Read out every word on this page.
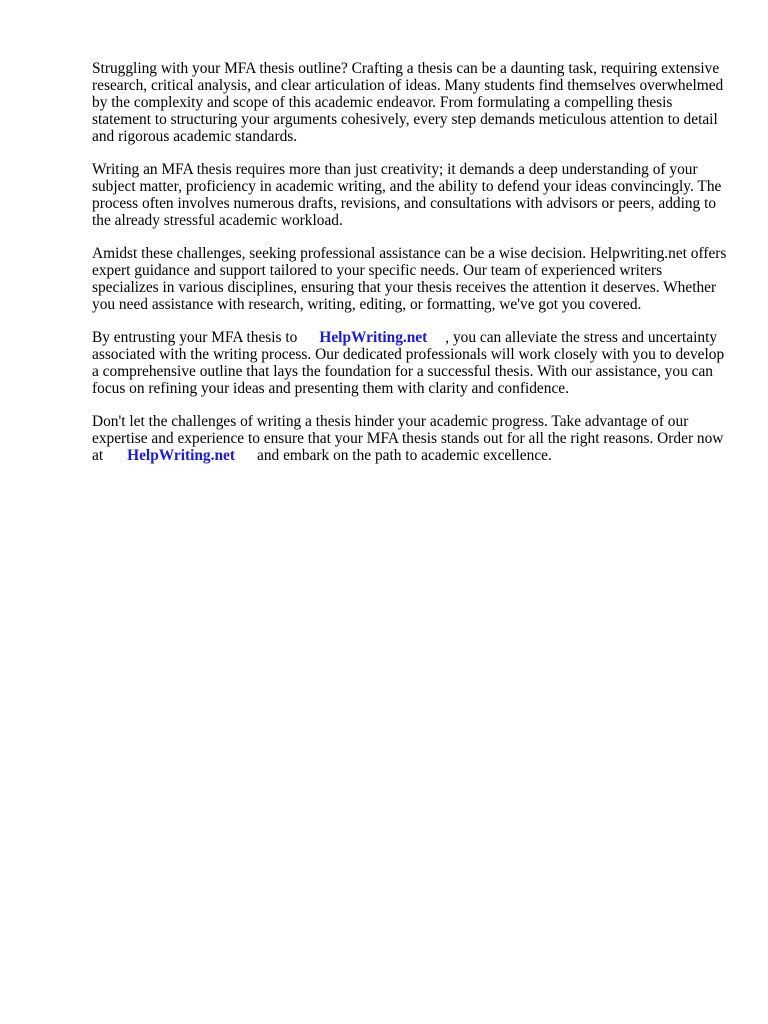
Struggling with your MFA thesis outline? Crafting a thesis can be a daunting task, requiring extensive research, critical analysis, and clear articulation of ideas. Many students find themselves overwhelmed by the complexity and scope of this academic endeavor. From formulating a compelling thesis statement to structuring your arguments cohesively, every step demands meticulous attention to detail and rigorous academic standards.

Writing an MFA thesis requires more than just creativity; it demands a deep understanding of your subject matter, proficiency in academic writing, and the ability to defend your ideas convincingly. The process often involves numerous drafts, revisions, and consultations with advisors or peers, adding to the already stressful academic workload.

Amidst these challenges, seeking professional assistance can be a wise decision. Helpwriting.net offers expert guidance and support tailored to your specific needs. Our team of experienced writers specializes in various disciplines, ensuring that your thesis receives the attention it deserves. Whether you need assistance with research, writing, editing, or formatting, we've got you covered.

By entrusting your MFA thesis to HelpWriting.net , you can alleviate the stress and uncertainty associated with the writing process. Our dedicated professionals will work closely with you to develop a comprehensive outline that lays the foundation for a successful thesis. With our assistance, you can focus on refining your ideas and presenting them with clarity and confidence.

Don't let the challenges of writing a thesis hinder your academic progress. Take advantage of our expertise and experience to ensure that your MFA thesis stands out for all the right reasons. Order now at HelpWriting.net and embark on the path to academic excellence.
